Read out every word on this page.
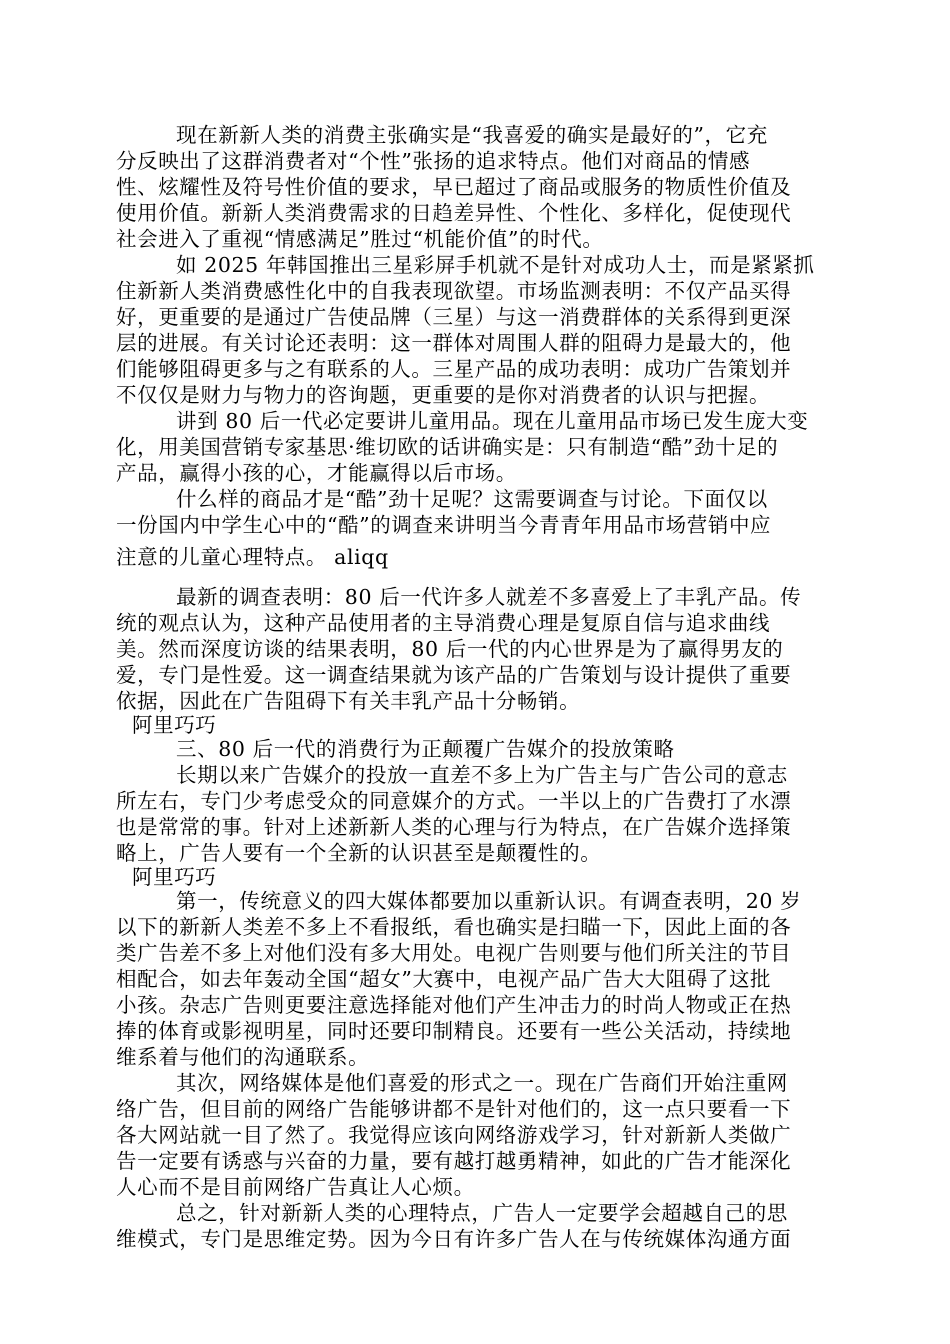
现在新新人类的消费主张确实是“我喜爱的确实是最好的”，它充
分反映出了这群消费者对“个性”张扬的追求特点。他们对商品的情感
性、炫耀性及符号性价值的要求，早已超过了商品或服务的物质性价值及
使用价值。新新人类消费需求的日趋差异性、个性化、多样化，促使现代
社会进入了重视“情感满足”胜过“机能价值”的时代。
如 2025 年韩国推出三星彩屏手机就不是针对成功人士，而是紧紧抓
住新新人类消费感性化中的自我表现欲望。市场监测表明：不仅产品买得
好，更重要的是通过广告使品牌（三星）与这一消费群体的关系得到更深
层的进展。有关讨论还表明：这一群体对周围人群的阻碍力是最大的，他
们能够阻碍更多与之有联系的人。三星产品的成功表明：成功广告策划并
不仅仅是财力与物力的咨询题，更重要的是你对消费者的认识与把握。
讲到 80 后一代必定要讲儿童用品。现在儿童用品市场已发生庞大变
化，用美国营销专家基思·维切欧的话讲确实是：只有制造“酷”劲十足的
产品，赢得小孩的心，才能赢得以后市场。
什么样的商品才是“酷”劲十足呢？这需要调查与讨论。下面仅以
一份国内中学生心中的“酷”的调查来讲明当今青青年用品市场营销中应
注意的儿童心理特点。 aliqq
最新的调查表明：80 后一代许多人就差不多喜爱上了丰乳产品。传
统的观点认为，这种产品使用者的主导消费心理是复原自信与追求曲线
美。然而深度访谈的结果表明，80 后一代的内心世界是为了赢得男友的
爱，专门是性爱。这一调查结果就为该产品的广告策划与设计提供了重要
依据，因此在广告阻碍下有关丰乳产品十分畅销。
阿里巧巧
三、80 后一代的消费行为正颠覆广告媒介的投放策略
长期以来广告媒介的投放一直差不多上为广告主与广告公司的意志
所左右，专门少考虑受众的同意媒介的方式。一半以上的广告费打了水漂
也是常常的事。针对上述新新人类的心理与行为特点，在广告媒介选择策
略上，广告人要有一个全新的认识甚至是颠覆性的。
阿里巧巧
第一，传统意义的四大媒体都要加以重新认识。有调查表明，20 岁
以下的新新人类差不多上不看报纸，看也确实是扫瞄一下，因此上面的各
类广告差不多上对他们没有多大用处。电视广告则要与他们所关注的节目
相配合，如去年轰动全国“超女”大赛中，电视产品广告大大阻碍了这批
小孩。杂志广告则更要注意选择能对他们产生冲击力的时尚人物或正在热
捧的体育或影视明星，同时还要印制精良。还要有一些公关活动，持续地
维系着与他们的沟通联系。
其次，网络媒体是他们喜爱的形式之一。现在广告商们开始注重网
络广告，但目前的网络广告能够讲都不是针对他们的，这一点只要看一下
各大网站就一目了然了。我觉得应该向网络游戏学习，针对新新人类做广
告一定要有诱惑与兴奋的力量，要有越打越勇精神，如此的广告才能深化
人心而不是目前网络广告真让人心烦。
总之，针对新新人类的心理特点，广告人一定要学会超越自己的思
维模式，专门是思维定势。因为今日有许多广告人在与传统媒体沟通方面
